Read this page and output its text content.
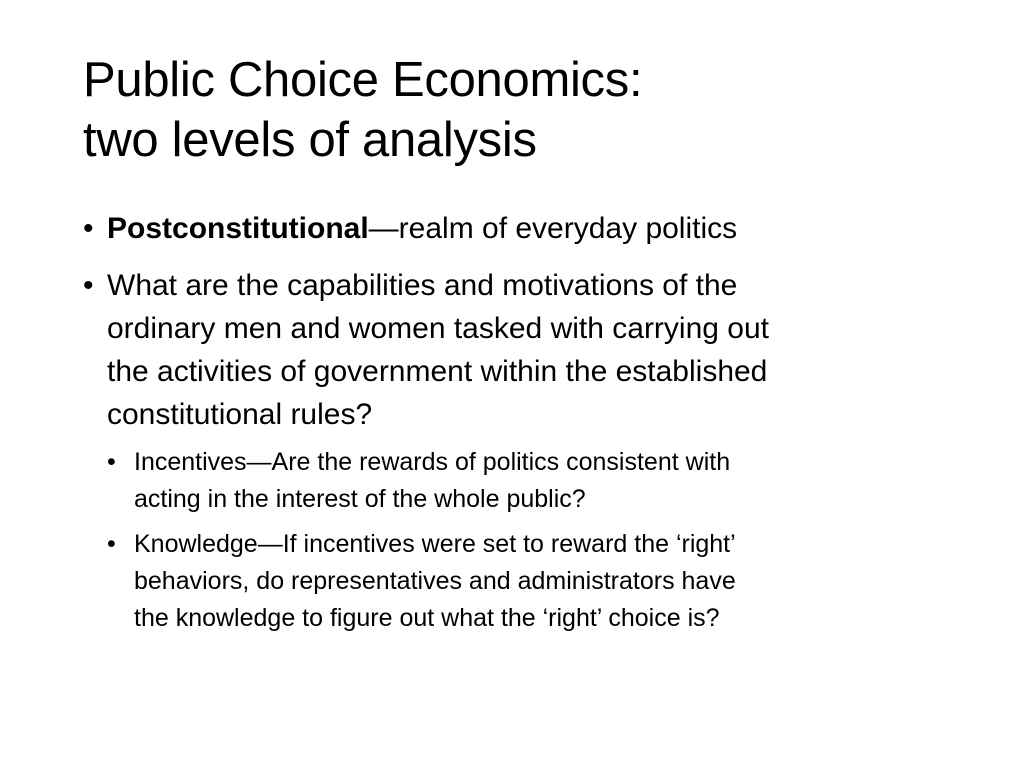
Public Choice Economics:
two levels of analysis
• Postconstitutional—realm of everyday politics
• What are the capabilities and motivations of the
ordinary men and women tasked with carrying out
the activities of government within the established
constitutional rules?
• Incentives—Are the rewards of politics consistent with
acting in the interest of the whole public?
• Knowledge—If incentives were set to reward the ‘right’
behaviors, do representatives and administrators have
the knowledge to figure out what the ‘right’ choice is?
